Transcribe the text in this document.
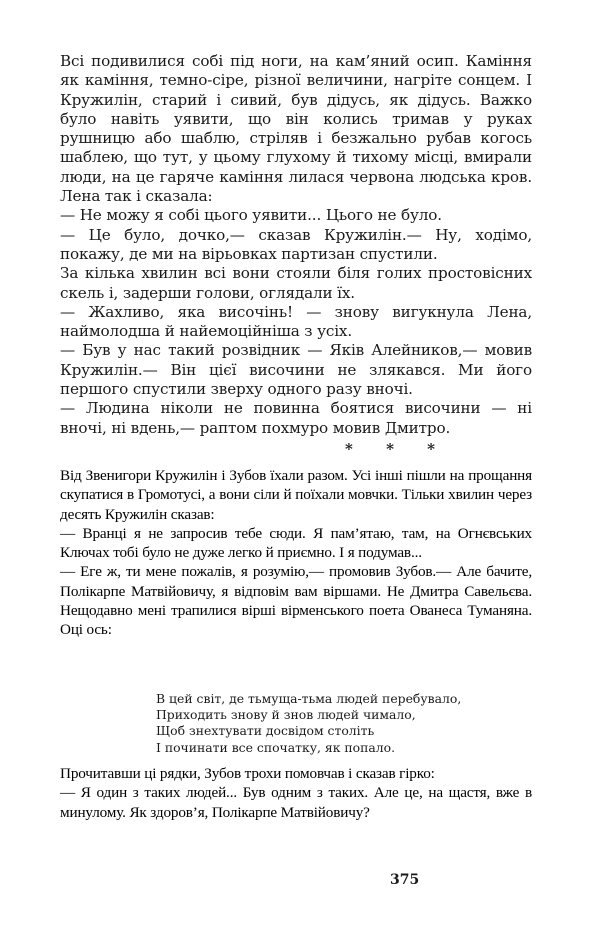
Всі подивилися собі під ноги, на кам’яний осип. Каміння як каміння, темно-сіре, різної величини, нагріте сонцем. І Кружилін, старий і сивий, був дідусь, як дідусь. Важко було навіть уявити, що він колись тримав у руках рушницю або шаблю, стріляв і безжально рубав когось шаблею, що тут, у цьому глухому й тихому місці, вмирали люди, на це гаряче каміння лилася червона людська кров. Лена так і сказала:

— Не можу я собі цього уявити... Цього не було.

— Це було, дочко,— сказав Кружилін.— Ну, ходімо, покажу, де ми на вірьовках партизан спустили.

За кілька хвилин всі вони стояли біля голих простовісних скель і, задерши голови, оглядали їх.

— Жахливо, яка височінь! — знову вигукнула Лена, наймолодша й найемоційніша з усіх.

— Був у нас такий розвідник — Яків Алейников,— мовив Кружилін.— Він цієї височини не злякався. Ми його першого спустили зверху одного разу вночі.

— Людина ніколи не повинна боятися височини — ні вночі, ні вдень,— раптом похмуро мовив Дмитро.

* * *

Від Звенигори Кружилін і Зубов їхали разом. Усі інші пішли на прощання скупатися в Громотусі, а вони сіли й поїхали мовчки. Тільки хвилин через десять Кружилін сказав:

— Вранці я не запросив тебе сюди. Я пам’ятаю, там, на Огнєвських Ключах тобі було не дуже легко й приємно. І я подумав...

— Еге ж, ти мене пожалів, я розумію,— промовив Зубов.— Але бачите, Полікарпе Матвійовичу, я відповім вам віршами. Не Дмитра Савельєва. Нещодавно мені трапилися вірші вірменського поета Ованеса Туманяна. Оці ось:

В цей світ, де тьмуща-тьма людей перебувало,
Приходить знову й знов людей чимало,
Щоб знехтувати досвідом століть
І починати все спочатку, як попало.

Прочитавши ці рядки, Зубов трохи помовчав і сказав гірко:

— Я один з таких людей... Був одним з таких. Але це, на щастя, вже в минулому. Як здоров’я, Полікарпе Матвійовичу?

375
